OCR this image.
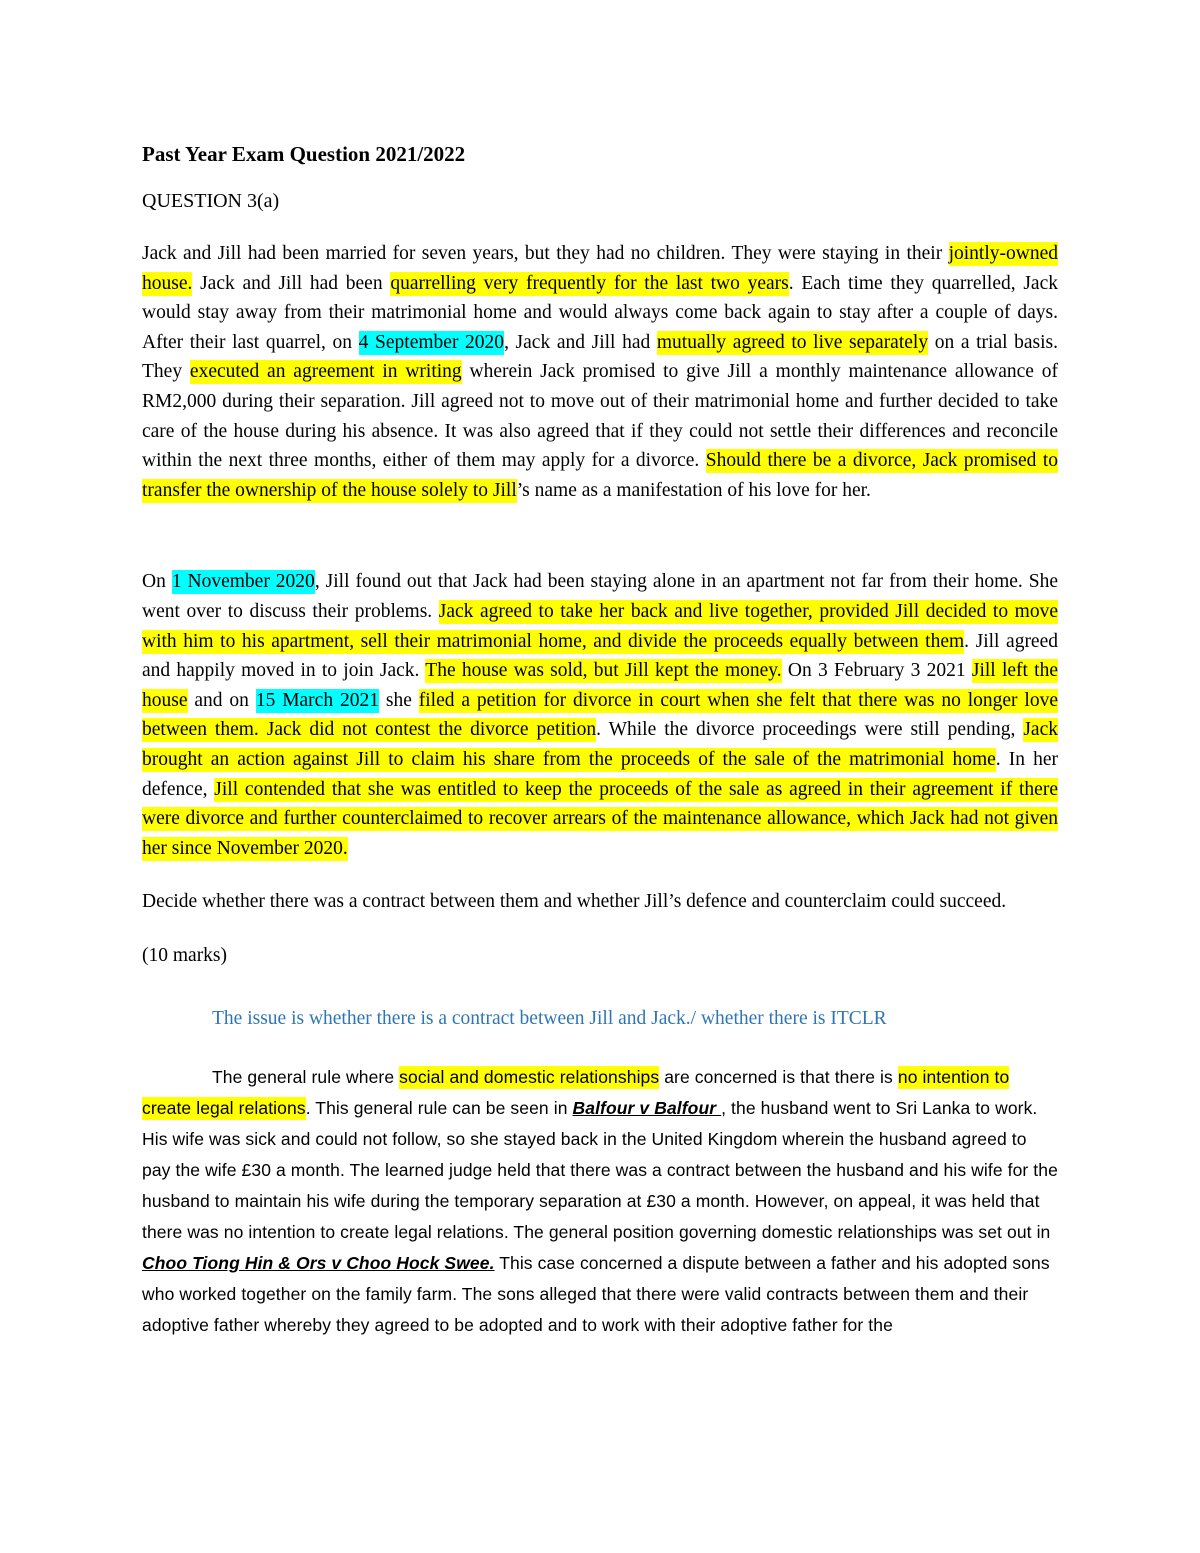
Past Year Exam Question 2021/2022

QUESTION 3(a)

Jack and Jill had been married for seven years, but they had no children. They were staying in their jointly-owned house. Jack and Jill had been quarrelling very frequently for the last two years. Each time they quarrelled, Jack would stay away from their matrimonial home and would always come back again to stay after a couple of days. After their last quarrel, on 4 September 2020, Jack and Jill had mutually agreed to live separately on a trial basis. They executed an agreement in writing wherein Jack promised to give Jill a monthly maintenance allowance of RM2,000 during their separation. Jill agreed not to move out of their matrimonial home and further decided to take care of the house during his absence. It was also agreed that if they could not settle their differences and reconcile within the next three months, either of them may apply for a divorce. Should there be a divorce, Jack promised to transfer the ownership of the house solely to Jill’s name as a manifestation of his love for her.

On 1 November 2020, Jill found out that Jack had been staying alone in an apartment not far from their home. She went over to discuss their problems. Jack agreed to take her back and live together, provided Jill decided to move with him to his apartment, sell their matrimonial home, and divide the proceeds equally between them. Jill agreed and happily moved in to join Jack. The house was sold, but Jill kept the money. On 3 February 3 2021 Jill left the house and on 15 March 2021 she filed a petition for divorce in court when she felt that there was no longer love between them. Jack did not contest the divorce petition. While the divorce proceedings were still pending, Jack brought an action against Jill to claim his share from the proceeds of the sale of the matrimonial home. In her defence, Jill contended that she was entitled to keep the proceeds of the sale as agreed in their agreement if there were divorce and further counterclaimed to recover arrears of the maintenance allowance, which Jack had not given her since November 2020.

Decide whether there was a contract between them and whether Jill’s defence and counterclaim could succeed.

(10 marks)

The issue is whether there is a contract between Jill and Jack./ whether there is ITCLR

The general rule where social and domestic relationships are concerned is that there is no intention to create legal relations. This general rule can be seen in Balfour v Balfour , the husband went to Sri Lanka to work. His wife was sick and could not follow, so she stayed back in the United Kingdom wherein the husband agreed to pay the wife £30 a month. The learned judge held that there was a contract between the husband and his wife for the husband to maintain his wife during the temporary separation at £30 a month. However, on appeal, it was held that there was no intention to create legal relations. The general position governing domestic relationships was set out in Choo Tiong Hin & Ors v Choo Hock Swee. This case concerned a dispute between a father and his adopted sons who worked together on the family farm. The sons alleged that there were valid contracts between them and their adoptive father whereby they agreed to be adopted and to work with their adoptive father for the
